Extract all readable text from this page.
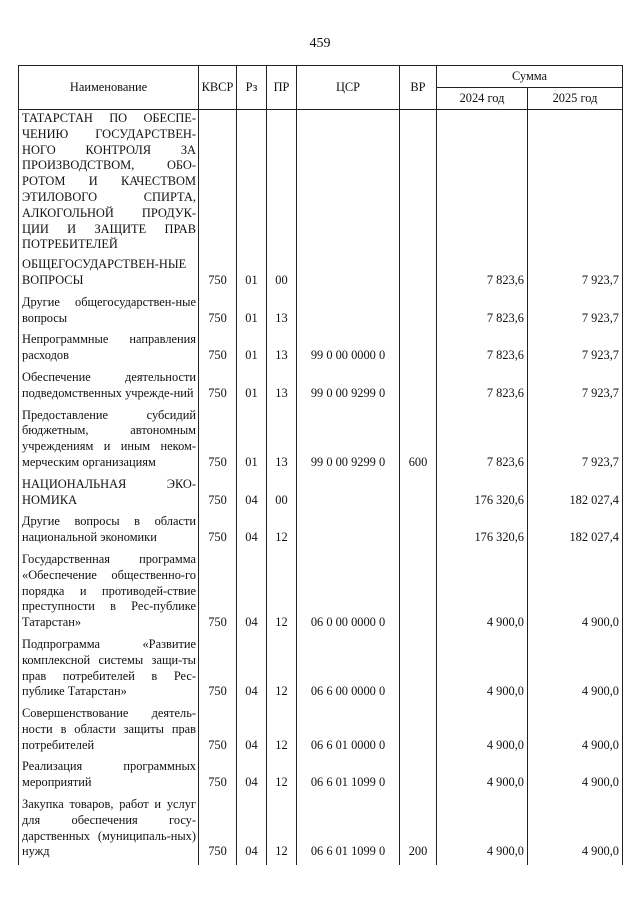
459
Наименование	КВСР	Рз	ПР	ЦСР	ВР	Сумма	
						2024 год	2025 год
ТАТАРСТАН ПО ОБЕСПЕ-ЧЕНИЮ ГОСУДАРСТВЕН-НОГО КОНТРОЛЯ ЗА ПРОИЗВОДСТВОМ, ОБО-РОТОМ И КАЧЕСТВОМ ЭТИЛОВОГО СПИРТА, АЛКОГОЛЬНОЙ ПРОДУК-ЦИИ И ЗАЩИТЕ ПРАВ ПОТРЕБИТЕЛЕЙ							
ОБЩЕГОСУДАРСТВЕН-НЫЕ ВОПРОСЫ	750	01	00			7 823,6	7 923,7
Другие общегосударствен-ные вопросы	750	01	13			7 823,6	7 923,7
Непрограммные направления расходов	750	01	13	99 0 00 0000 0		7 823,6	7 923,7
Обеспечение деятельности подведомственных учрежде-ний	750	01	13	99 0 00 9299 0		7 823,6	7 923,7
Предоставление субсидий бюджетным, автономным учреждениям и иным неком-мерческим организациям	750	01	13	99 0 00 9299 0	600	7 823,6	7 923,7
НАЦИОНАЛЬНАЯ ЭКО-НОМИКА	750	04	00			176 320,6	182 027,4
Другие вопросы в области национальной экономики	750	04	12			176 320,6	182 027,4
Государственная программа «Обеспечение общественно-го порядка и противодей-ствие преступности в Рес-публике Татарстан»	750	04	12	06 0 00 0000 0		4 900,0	4 900,0
Подпрограмма «Развитие комплексной системы защи-ты прав потребителей в Рес-публике Татарстан»	750	04	12	06 6 00 0000 0		4 900,0	4 900,0
Совершенствование деятель-ности в области защиты прав потребителей	750	04	12	06 6 01 0000 0		4 900,0	4 900,0
Реализация программных мероприятий	750	04	12	06 6 01 1099 0		4 900,0	4 900,0
Закупка товаров, работ и услуг для обеспечения госу-дарственных (муниципаль-ных) нужд	750	04	12	06 6 01 1099 0	200	4 900,0	4 900,0
